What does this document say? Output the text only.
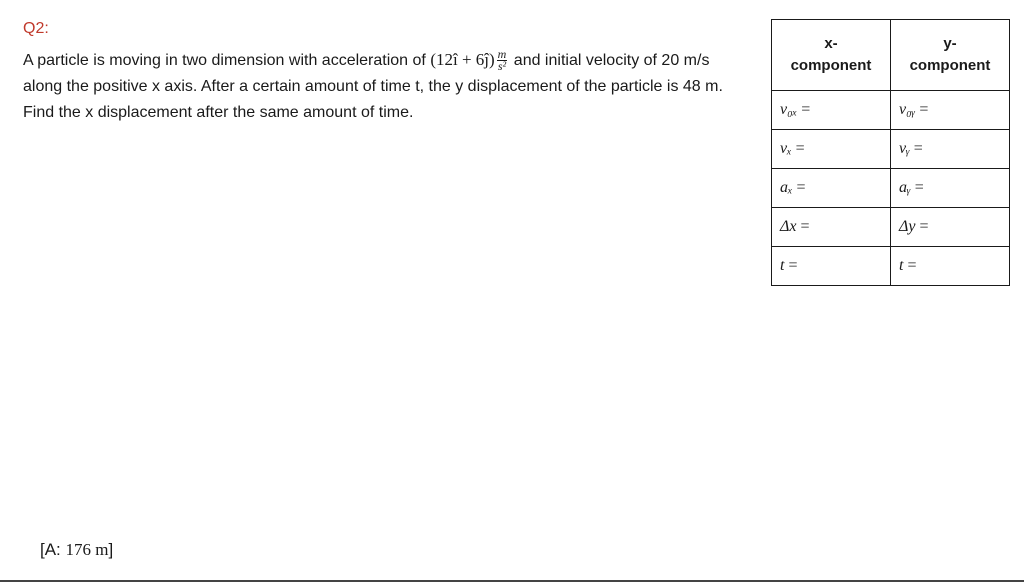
Q2:
A particle is moving in two dimension with acceleration of (12î + 6ĵ) $\frac{m}{\text{s²}}$ and initial velocity of 20 m/s along the positive x axis. After a certain amount of time t, the y displacement of the particle is 48 m. Find the x displacement after the same amount of time.
x-
component	y-
component
v₀ₓ =	v₀ᵧ =
vₓ =	vᵧ =
aₓ =	aᵧ =
Δx =	Δy =
t =	t =
[A: 176 m]
